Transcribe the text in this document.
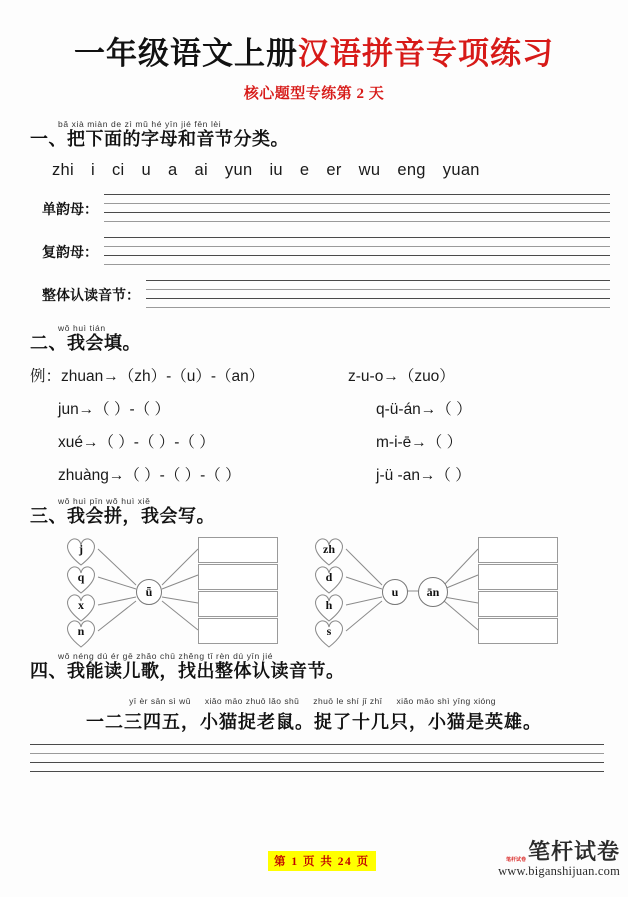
一年级语文上册汉语拼音专项练习
核心题型专练第 2 天
bǎ xià miàn de zì mǔ hé yīn jié fēn lèi
一、把下面的字母和音节分类。
zhi i ci u a ai yun iu e er wu eng yuan
单韵母：
复韵母：
整体认读音节：
wǒ huì tián
二、我会填。
例：zhuan→（zh）-（u）-（an）	z-u-o→（zuo）
jun→（ ）-（ ）	q-ü-án→（ ）
xué→（ ）-（ ）-（ ）	m-i-ē→（ ）
zhuàng→（ ）-（ ）-（ ）	j-ü -an→（ ）
wǒ huì pīn wǒ huì xiě
三、我会拼，我会写。
j
q
x
n
ǖ
zh
d
h
s
u	ān
wǒ néng dú ér gē zhǎo chū zhěng tǐ rèn dú yīn jié
四、我能读儿歌，找出整体认读音节。
yī èr sān sì wǔ xiǎo māo zhuō lǎo shǔ zhuō le shí jǐ zhī xiǎo māo shì yīng xióng
一二三四五，小猫捉老鼠。捉了十几只，小猫是英雄。
第 1 页 共 24 页	笔杆试卷 笔杆试卷
www.biganshijuan.com
